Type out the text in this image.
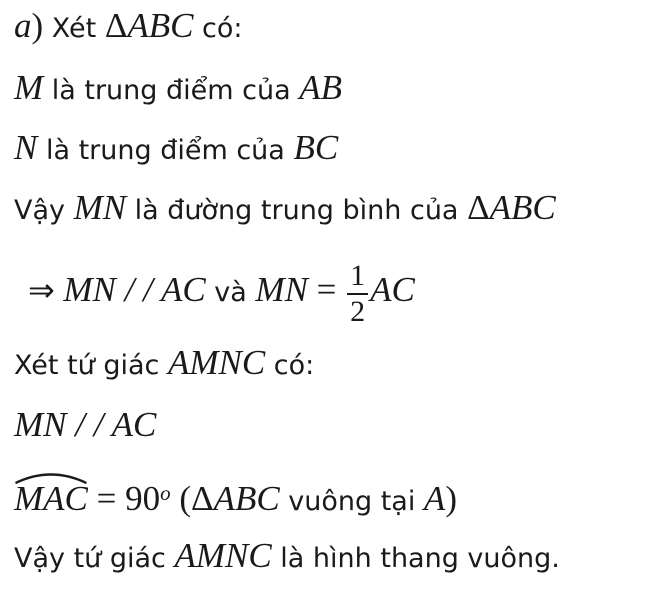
a) Xét ΔABC có:
M là trung điểm của AB
N là trung điểm của BC
Vậy MN là đường trung bình của ΔABC
⇒ MN / / AC và MN = $\frac{1}{2}$ AC
Xét tứ giác AMNC có:
MN / / AC
MAC = $90^o$ (ΔABC vuông tại A)
Vậy tứ giác AMNC là hình thang vuông.
